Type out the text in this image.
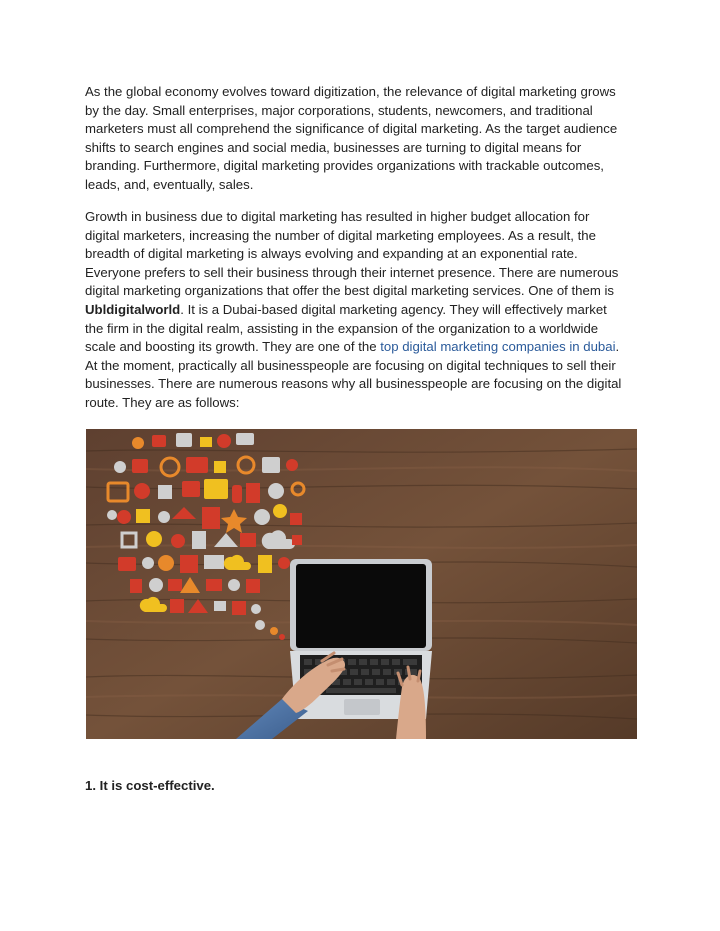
As the global economy evolves toward digitization, the relevance of digital marketing grows
by the day. Small enterprises, major corporations, students, newcomers, and traditional
marketers must all comprehend the significance of digital marketing. As the target audience
shifts to search engines and social media, businesses are turning to digital means for
branding. Furthermore, digital marketing provides organizations with trackable outcomes,
leads, and, eventually, sales.

Growth in business due to digital marketing has resulted in higher budget allocation for
digital marketers, increasing the number of digital marketing employees. As a result, the
breadth of digital marketing is always evolving and expanding at an exponential rate.
Everyone prefers to sell their business through their internet presence. There are numerous
digital marketing organizations that offer the best digital marketing services. One of them is
Ubldigitalworld. It is a Dubai-based digital marketing agency. They will effectively market
the firm in the digital realm, assisting in the expansion of the organization to a worldwide
scale and boosting its growth. They are one of the top digital marketing companies in dubai.
At the moment, practically all businesspeople are focusing on digital techniques to sell their
businesses. There are numerous reasons why all businesspeople are focusing on the digital
route. They are as follows:

1. It is cost-effective.
